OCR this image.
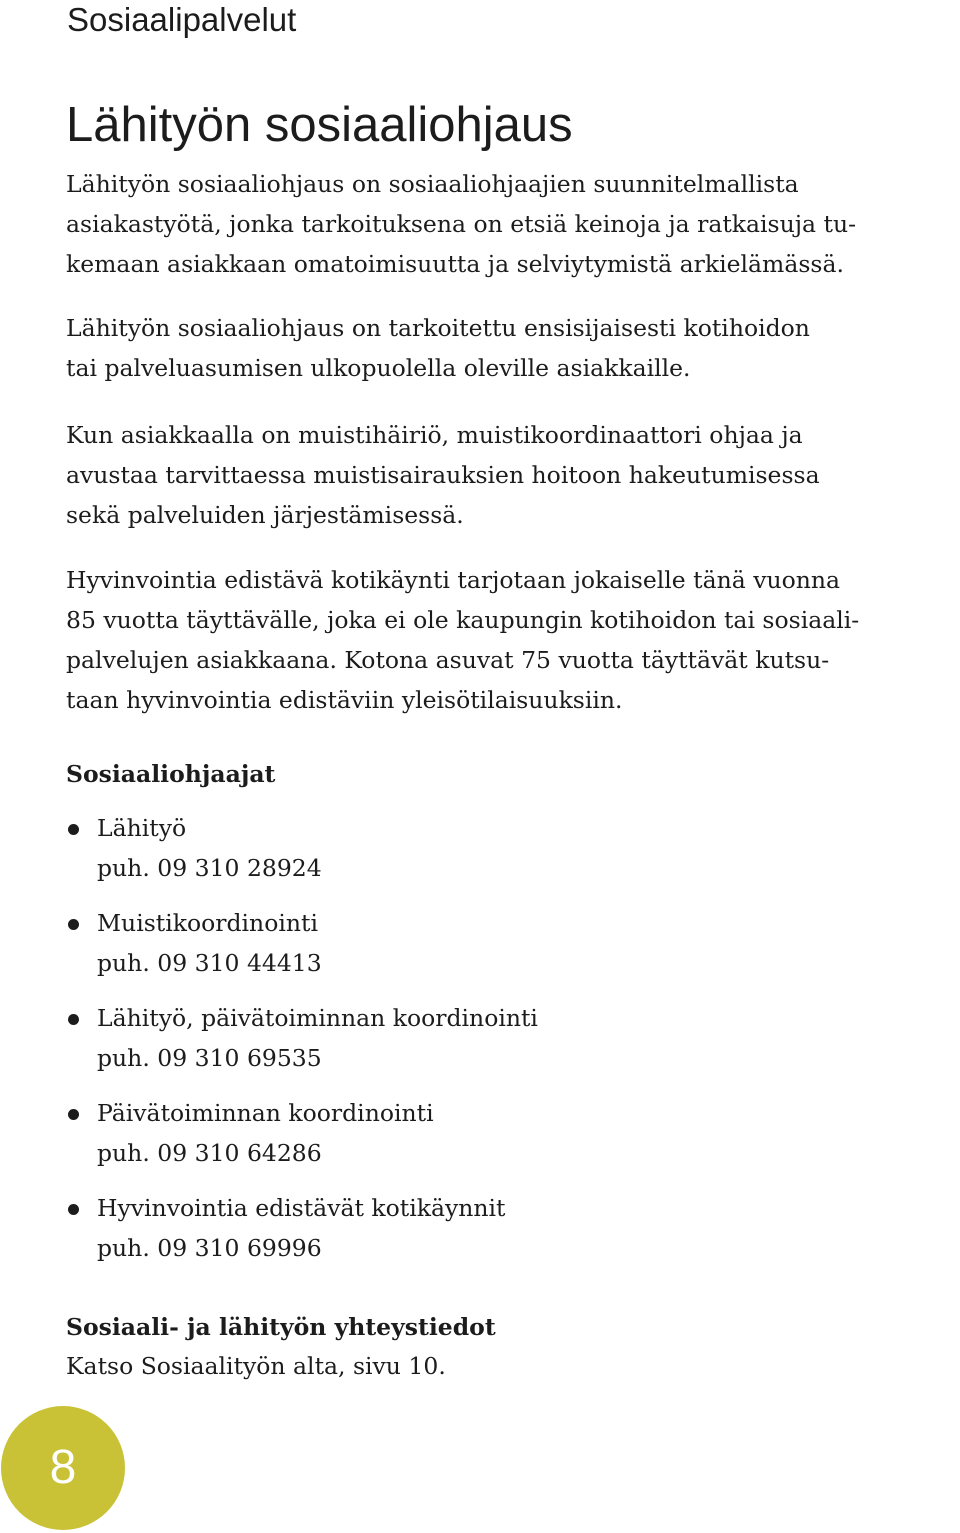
Sosiaalipalvelut
Lähityön sosiaaliohjaus

Lähityön sosiaaliohjaus on sosiaaliohjaajien suunnitelmallista
asiakastyötä, jonka tarkoituksena on etsiä keinoja ja ratkaisuja tu-
kemaan asiakkaan omatoimisuutta ja selviytymistä arkielämässä.

Lähityön sosiaaliohjaus on tarkoitettu ensisijaisesti kotihoidon
tai palveluasumisen ulkopuolella oleville asiakkaille.

Kun asiakkaalla on muistihäiriö, muistikoordinaattori ohjaa ja
avustaa tarvittaessa muistisairauksien hoitoon hakeutumisessa
sekä palveluiden järjestämisessä.

Hyvinvointia edistävä kotikäynti tarjotaan jokaiselle tänä vuonna
85 vuotta täyttävälle, joka ei ole kaupungin kotihoidon tai sosiaali-
palvelujen asiakkaana. Kotona asuvat 75 vuotta täyttävät kutsu-
taan hyvinvointia edistäviin yleisötilaisuuksiin.

Sosiaaliohjaajat
Lähityö
puh. 09 310 28924
Muistikoordinointi
puh. 09 310 44413
Lähityö, päivätoiminnan koordinointi
puh. 09 310 69535
Päivätoiminnan koordinointi
puh. 09 310 64286
Hyvinvointia edistävät kotikäynnit
puh. 09 310 69996
Sosiaali- ja lähityön yhteystiedot

Katso Sosiaalityön alta, sivu 10.

8
